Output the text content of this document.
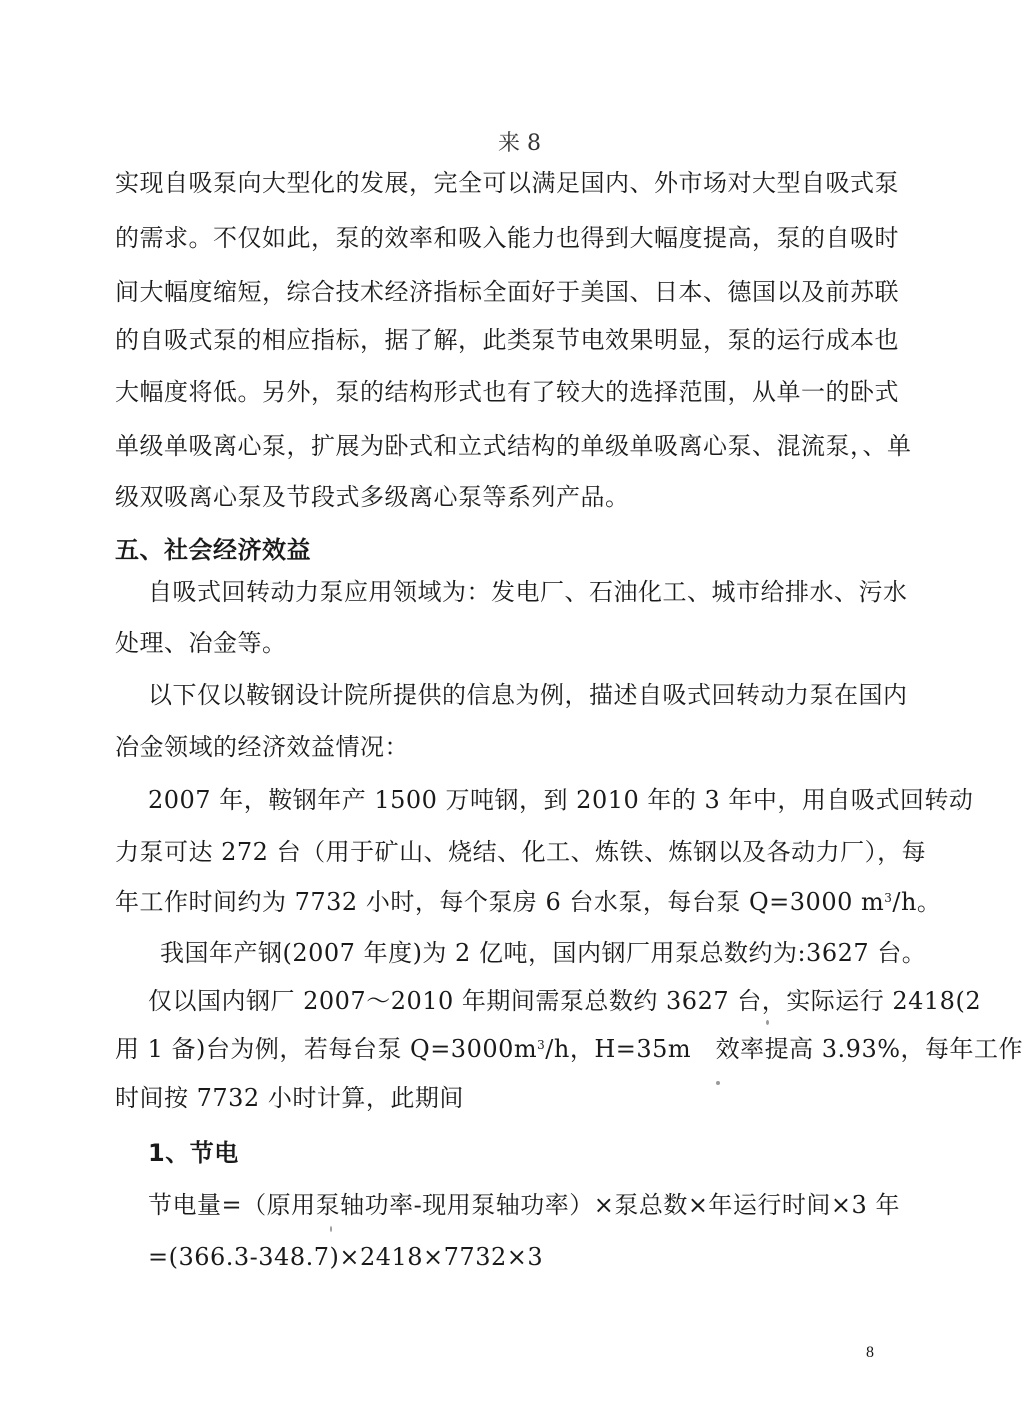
来 8
实现自吸泵向大型化的发展，完全可以满足国内、外市场对大型自吸式泵
的需求。不仅如此，泵的效率和吸入能力也得到大幅度提高，泵的自吸时
间大幅度缩短，综合技术经济指标全面好于美国、日本、德国以及前苏联
的自吸式泵的相应指标，据了解，此类泵节电效果明显，泵的运行成本也
大幅度将低。另外，泵的结构形式也有了较大的选择范围，从单一的卧式
单级单吸离心泵，扩展为卧式和立式结构的单级单吸离心泵、混流泵，、单
级双吸离心泵及节段式多级离心泵等系列产品。
五、社会经济效益
自吸式回转动力泵应用领域为：发电厂、石油化工、城市给排水、污水
处理、冶金等。
以下仅以鞍钢设计院所提供的信息为例，描述自吸式回转动力泵在国内
冶金领域的经济效益情况：
2007 年，鞍钢年产 1500 万吨钢，到 2010 年的 3 年中，用自吸式回转动
力泵可达 272 台（用于矿山、烧结、化工、炼铁、炼钢以及各动力厂），每
年工作时间约为 7732 小时，每个泵房 6 台水泵，每台泵 Q=3000 $m^3/h$。
我国年产钢(2007 年度)为 2 亿吨，国内钢厂用泵总数约为:3627 台。
仅以国内钢厂 2007～2010 年期间需泵总数约 3627 台，实际运行 2418(2
用 1 备)台为例，若每台泵 $Q=3000m^3/h$，H=35m　效率提高 3.93%，每年工作
时间按 7732 小时计算，此期间
1、节电
节电量=（原用泵轴功率-现用泵轴功率）×泵总数×年运行时间×3 年
=(366.3-348.7)×2418×7732×3
8
